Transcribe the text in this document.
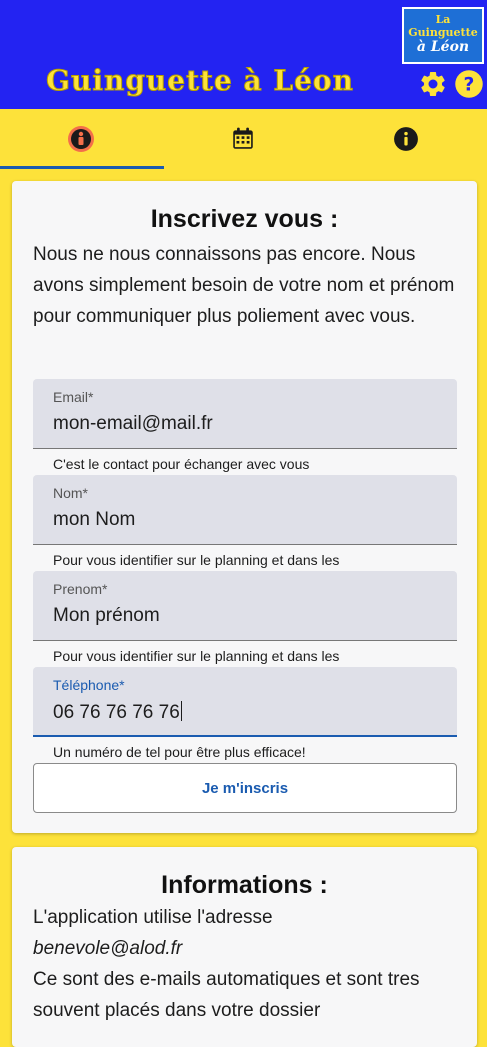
Guinguette à Léon
La
Guinguette
à Léon
?
Inscrivez vous :
Nous ne nous connaissons pas encore. Nous avons simplement besoin de votre nom et prénom pour communiquer plus poliement avec vous.
Email*
mon-email@mail.fr
C'est le contact pour échanger avec vous
Nom*
mon Nom
Pour vous identifier sur le planning et dans les
Prenom*
Mon prénom
Pour vous identifier sur le planning et dans les
Téléphone*
06 76 76 76 76
Un numéro de tel pour être plus efficace!
Je m'inscris
Informations :
L'application utilise l'adresse
benevole@alod.fr
Ce sont des e-mails automatiques et sont tres souvent placés dans votre dossier
